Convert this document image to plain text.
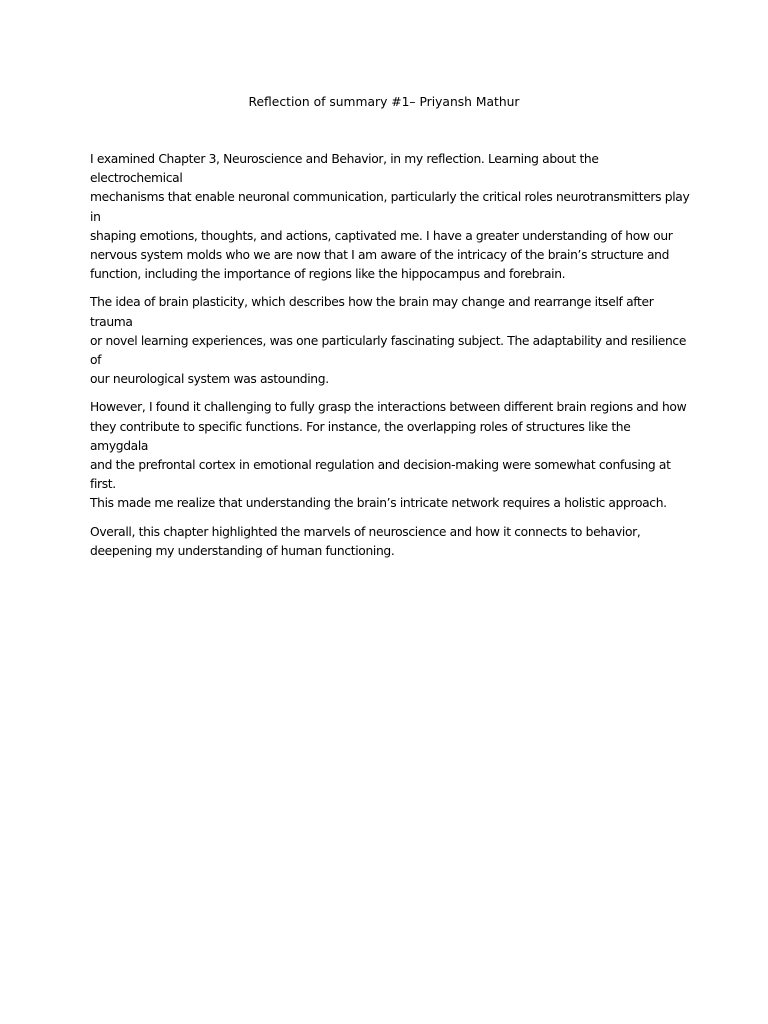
Reflection of summary #1– Priyansh Mathur

I examined Chapter 3, Neuroscience and Behavior, in my reflection. Learning about the electrochemical
mechanisms that enable neuronal communication, particularly the critical roles neurotransmitters play in
shaping emotions, thoughts, and actions, captivated me. I have a greater understanding of how our
nervous system molds who we are now that I am aware of the intricacy of the brain’s structure and
function, including the importance of regions like the hippocampus and forebrain.

The idea of brain plasticity, which describes how the brain may change and rearrange itself after trauma
or novel learning experiences, was one particularly fascinating subject. The adaptability and resilience of
our neurological system was astounding.

However, I found it challenging to fully grasp the interactions between different brain regions and how
they contribute to specific functions. For instance, the overlapping roles of structures like the amygdala
and the prefrontal cortex in emotional regulation and decision-making were somewhat confusing at first.
This made me realize that understanding the brain’s intricate network requires a holistic approach.

Overall, this chapter highlighted the marvels of neuroscience and how it connects to behavior,
deepening my understanding of human functioning.
